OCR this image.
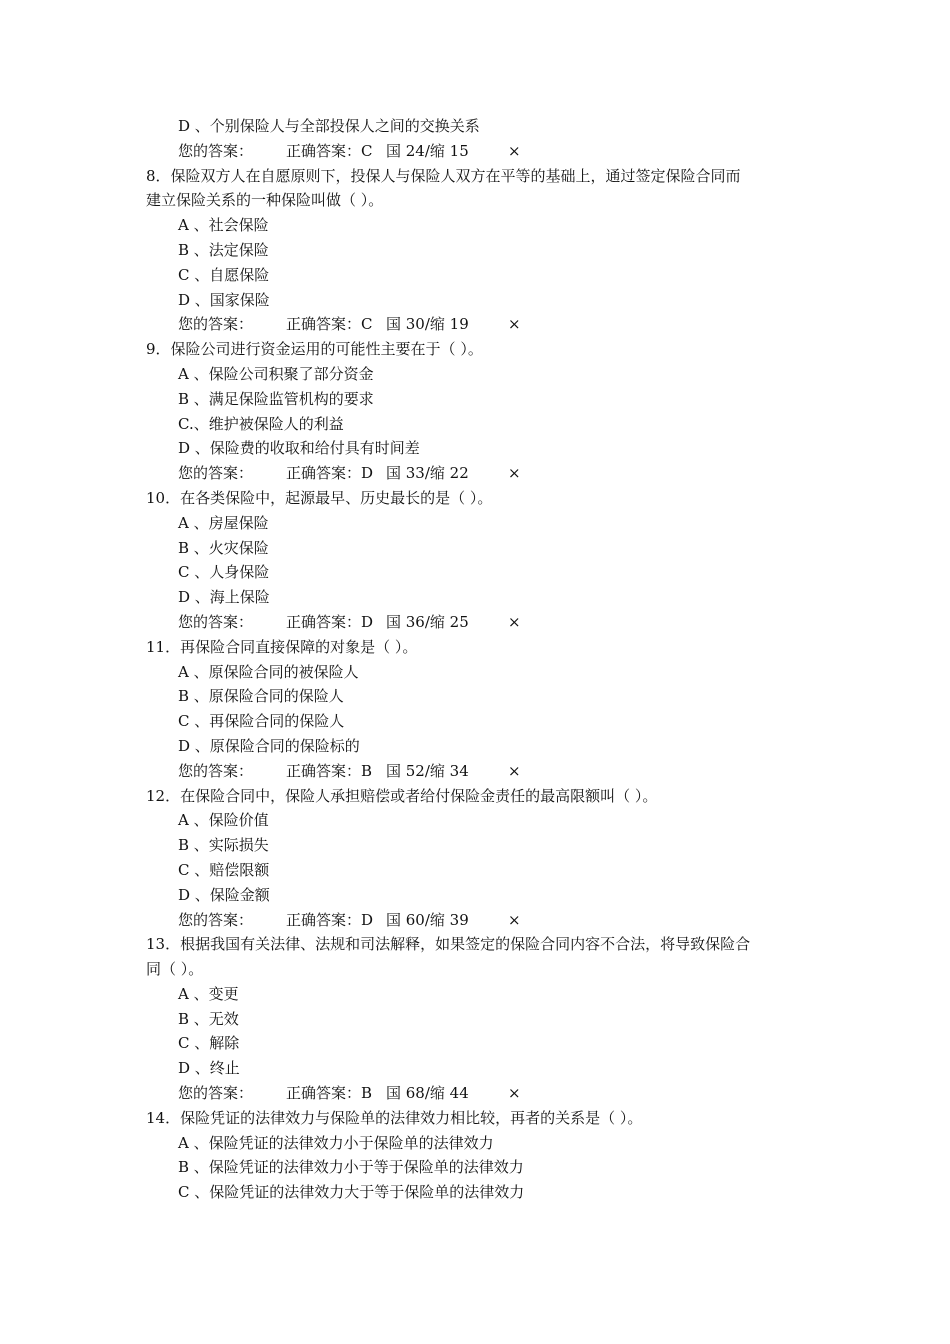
D 、个别保险人与全部投保人之间的交换关系
您的答案： 正确答案：C 国 24/缩 15	×
8．保险双方人在自愿原则下，投保人与保险人双方在平等的基础上，通过签定保险合同而
建立保险关系的一种保险叫做（ ）。
A 、社会保险
B 、法定保险
C 、自愿保险
D 、国家保险
您的答案： 正确答案：C 国 30/缩 19	×
9．保险公司进行资金运用的可能性主要在于（ ）。
A 、保险公司积聚了部分资金
B 、满足保险监管机构的要求
C.、维护被保险人的利益
D 、保险费的收取和给付具有时间差
您的答案： 正确答案：D 国 33/缩 22	×
10．在各类保险中，起源最早、历史最长的是（ ）。
A 、房屋保险
B 、火灾保险
C 、人身保险
D 、海上保险
您的答案： 正确答案：D 国 36/缩 25	×
11．再保险合同直接保障的对象是（ ）。
A 、原保险合同的被保险人
B 、原保险合同的保险人
C 、再保险合同的保险人
D 、原保险合同的保险标的
您的答案： 正确答案：B 国 52/缩 34	×
12．在保险合同中，保险人承担赔偿或者给付保险金责任的最高限额叫（ ）。
A 、保险价值
B 、实际损失
C 、赔偿限额
D 、保险金额
您的答案： 正确答案：D 国 60/缩 39	×
13．根据我国有关法律、法规和司法解释，如果签定的保险合同内容不合法，将导致保险合
同（ ）。
A 、变更
B 、无效
C 、解除
D 、终止
您的答案： 正确答案：B 国 68/缩 44	×
14．保险凭证的法律效力与保险单的法律效力相比较，再者的关系是（ ）。
A 、保险凭证的法律效力小于保险单的法律效力
B 、保险凭证的法律效力小于等于保险单的法律效力
C 、保险凭证的法律效力大于等于保险单的法律效力
